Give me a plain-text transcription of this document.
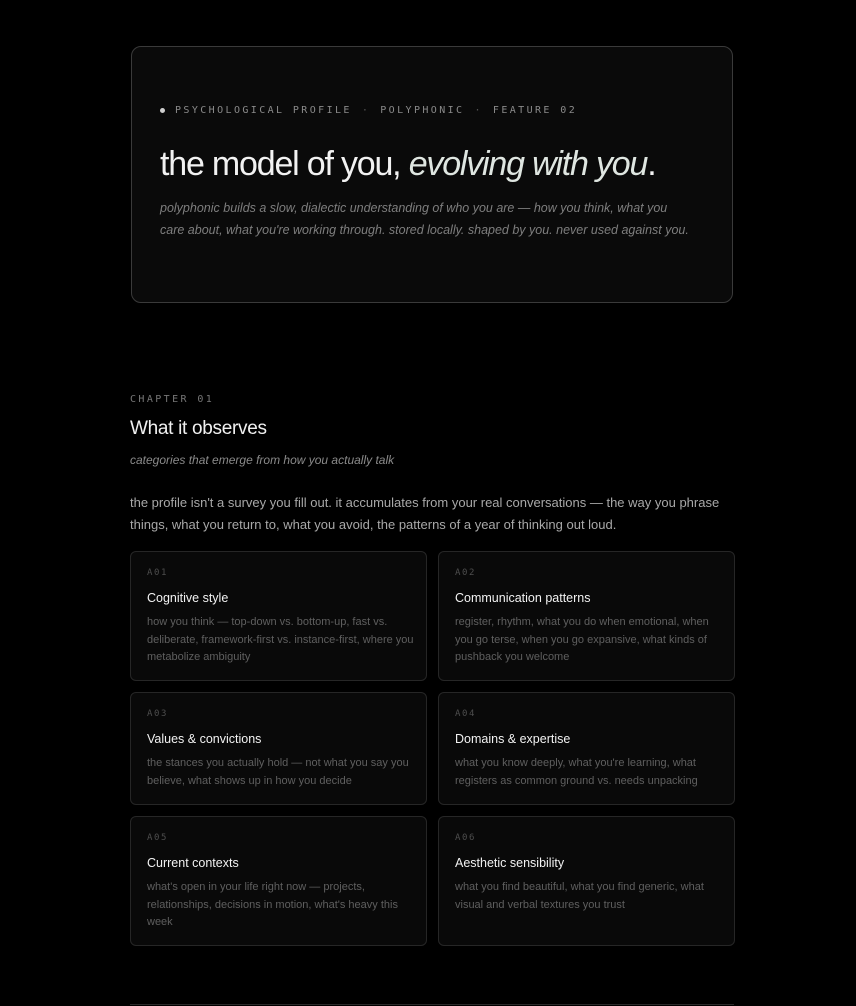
PSYCHOLOGICAL PROFILE · POLYPHONIC · FEATURE 02
the model of you, evolving with you.

polyphonic builds a slow, dialectic understanding of who you are — how you think, what you care about, what you're working through. stored locally. shaped by you. never used against you.

CHAPTER 01
What it observes
categories that emerge from how you actually talk

the profile isn't a survey you fill out. it accumulates from your real conversations — the way you phrase things, what you return to, what you avoid, the patterns of a year of thinking out loud.

A01
Cognitive style
how you think — top-down vs. bottom-up, fast vs. deliberate, framework-first vs. instance-first, where you metabolize ambiguity
A02
Communication patterns
register, rhythm, what you do when emotional, when you go terse, when you go expansive, what kinds of pushback you welcome
A03
Values & convictions
the stances you actually hold — not what you say you believe, what shows up in how you decide
A04
Domains & expertise
what you know deeply, what you're learning, what registers as common ground vs. needs unpacking
A05
Current contexts
what's open in your life right now — projects, relationships, decisions in motion, what's heavy this week
A06
Aesthetic sensibility
what you find beautiful, what you find generic, what visual and verbal textures you trust
